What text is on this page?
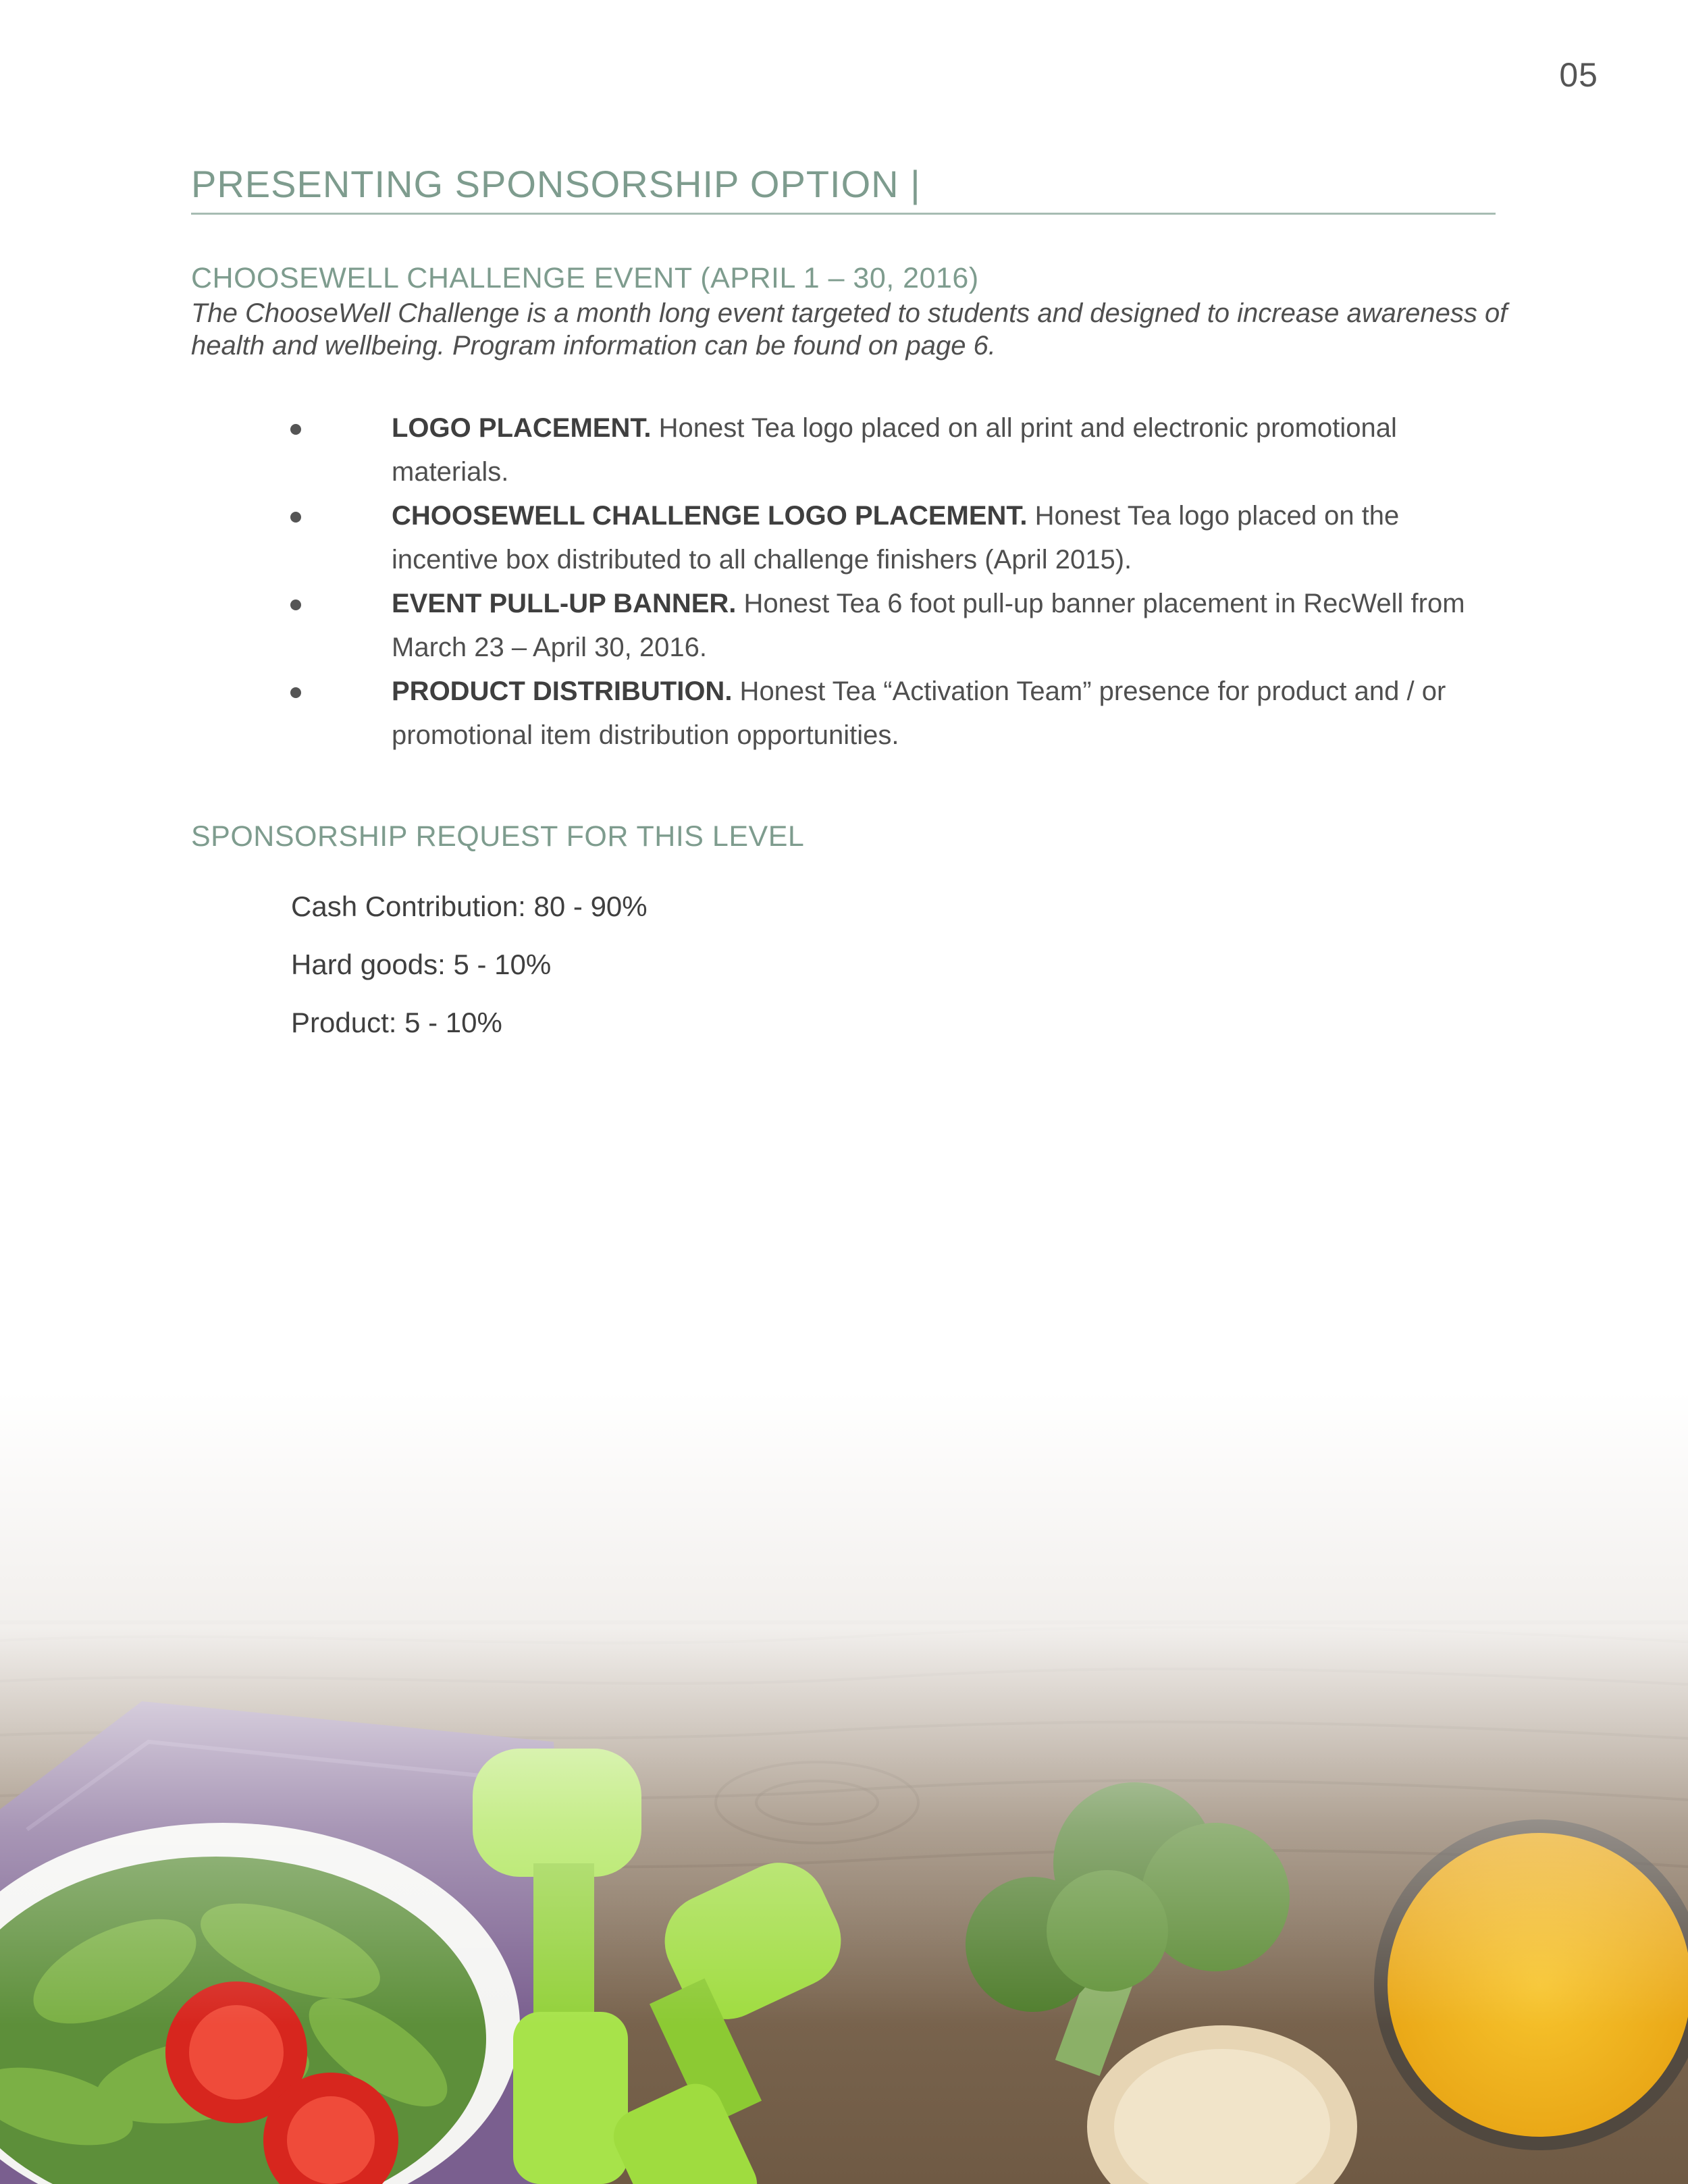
05
PRESENTING SPONSORSHIP OPTION |
CHOOSEWELL CHALLENGE EVENT (APRIL 1 – 30, 2016)
The ChooseWell Challenge is a month long event targeted to students and designed to increase awareness of health and wellbeing. Program information can be found on page 6.
LOGO PLACEMENT. Honest Tea logo placed on all print and electronic promotional materials.
CHOOSEWELL CHALLENGE LOGO PLACEMENT. Honest Tea logo placed on the incentive box distributed to all challenge finishers (April 2015).
EVENT PULL-UP BANNER. Honest Tea 6 foot pull-up banner placement in RecWell from March 23 – April 30, 2016.
PRODUCT DISTRIBUTION. Honest Tea “Activation Team” presence for product and / or promotional item distribution opportunities.
SPONSORSHIP REQUEST FOR THIS LEVEL
Cash Contribution: 80 - 90%
Hard goods: 5 - 10%
Product: 5 - 10%
